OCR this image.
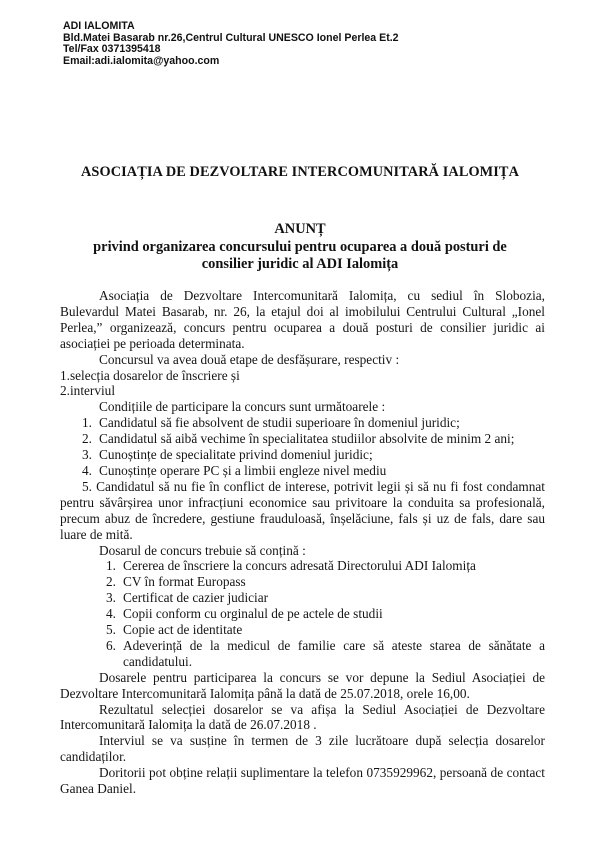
ADI IALOMITA
Bld.Matei Basarab nr.26,Centrul Cultural UNESCO Ionel Perlea Et.2
Tel/Fax 0371395418
Email:adi.ialomita@yahoo.com
ASOCIAȚIA DE DEZVOLTARE INTERCOMUNITARĂ IALOMIȚA
ANUNȚ
privind organizarea concursului pentru ocuparea a două posturi de
consilier juridic al ADI Ialomița

Asociația de Dezvoltare Intercomunitară Ialomița, cu sediul în Slobozia, Bulevardul Matei Basarab, nr. 26, la etajul doi al imobilului Centrului Cultural „Ionel Perlea,” organizează, concurs pentru ocuparea a două posturi de consilier juridic ai asociației pe perioada determinata.

Concursul va avea două etape de desfășurare, respectiv :

1.selecția dosarelor de înscriere și

2.interviul

Condițiile de participare la concurs sunt următoarele :

1. Candidatul să fie absolvent de studii superioare în domeniul juridic;
2. Candidatul să aibă vechime în specialitatea studiilor absolvite de minim 2 ani;
3. Cunoștințe de specialitate privind domeniul juridic;
4. Cunoștințe operare PC și a limbii engleze nivel mediu

5. Candidatul să nu fie în conflict de interese, potrivit legii și să nu fi fost condamnat pentru săvârșirea unor infracțiuni economice sau privitoare la conduita sa profesională, precum abuz de încredere, gestiune frauduloasă, înșelăciune, fals și uz de fals, dare sau luare de mită.

Dosarul de concurs trebuie să conțină :

1. Cererea de înscriere la concurs adresată Directorului ADI Ialomița
2. CV în format Europass
3. Certificat de cazier judiciar
4. Copii conform cu orginalul de pe actele de studii
5. Copie act de identitate
6. Adeverință de la medicul de familie care să ateste starea de sănătate a candidatului.

Dosarele pentru participarea la concurs se vor depune la Sediul Asociației de Dezvoltare Intercomunitară Ialomița până la dată de 25.07.2018, orele 16,00.

Rezultatul selecției dosarelor se va afișa la Sediul Asociației de Dezvoltare Intercomunitară Ialomița la dată de 26.07.2018 .

Interviul se va susține în termen de 3 zile lucrătoare după selecția dosarelor candidaților.

Doritorii pot obține relații suplimentare la telefon 0735929962, persoană de contact Ganea Daniel.
